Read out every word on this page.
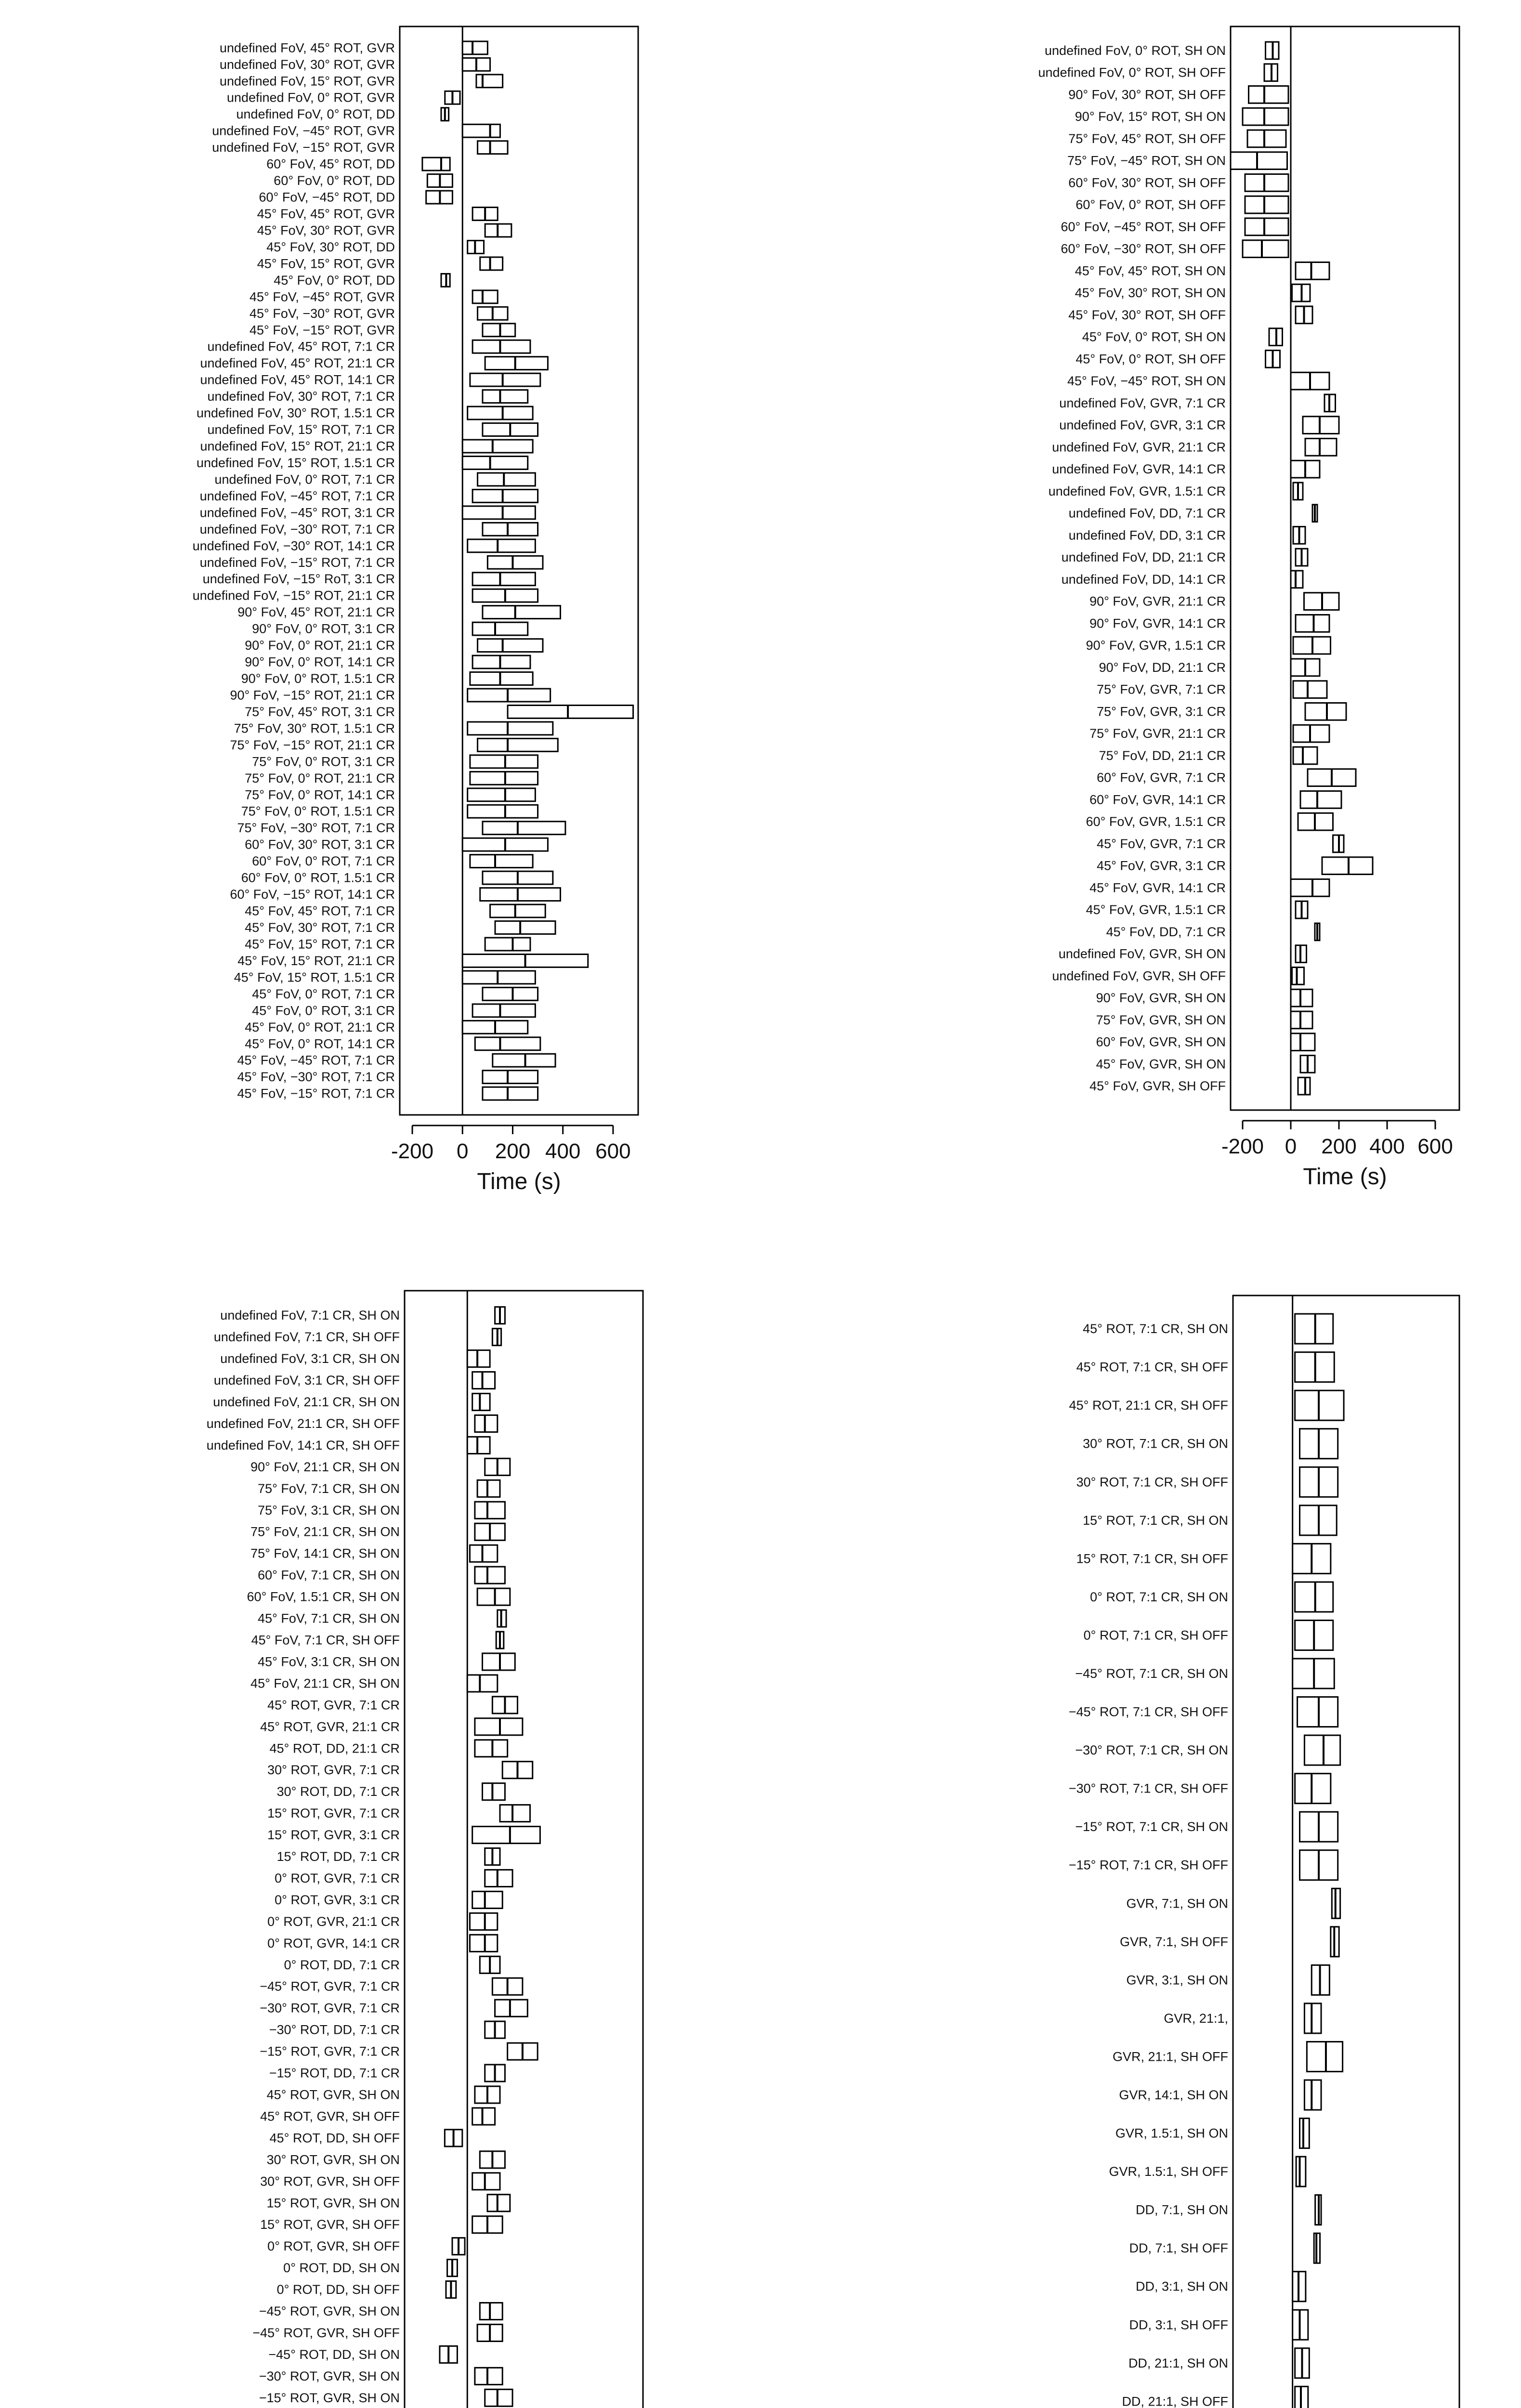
undefined FoV, 45° ROT, GVR
undefined FoV, 30° ROT, GVR
undefined FoV, 15° ROT, GVR
undefined FoV, 0° ROT, GVR
undefined FoV, 0° ROT, DD
undefined FoV, −45° ROT, GVR
undefined FoV, −15° ROT, GVR
60° FoV, 45° ROT, DD
60° FoV, 0° ROT, DD
60° FoV, −45° ROT, DD
45° FoV, 45° ROT, GVR
45° FoV, 30° ROT, GVR
45° FoV, 30° ROT, DD
45° FoV, 15° ROT, GVR
45° FoV, 0° ROT, DD
45° FoV, −45° ROT, GVR
45° FoV, −30° ROT, GVR
45° FoV, −15° ROT, GVR
undefined FoV, 45° ROT, 7:1 CR
undefined FoV, 45° ROT, 21:1 CR
undefined FoV, 45° ROT, 14:1 CR
undefined FoV, 30° ROT, 7:1 CR
undefined FoV, 30° ROT, 1.5:1 CR
undefined FoV, 15° ROT, 7:1 CR
undefined FoV, 15° ROT, 21:1 CR
undefined FoV, 15° ROT, 1.5:1 CR
undefined FoV, 0° ROT, 7:1 CR
undefined FoV, −45° ROT, 7:1 CR
undefined FoV, −45° ROT, 3:1 CR
undefined FoV, −30° ROT, 7:1 CR
undefined FoV, −30° ROT, 14:1 CR
undefined FoV, −15° ROT, 7:1 CR
undefined FoV, −15° RoT, 3:1 CR
undefined FoV, −15° ROT, 21:1 CR
90° FoV, 45° ROT, 21:1 CR
90° FoV, 0° ROT, 3:1 CR
90° FoV, 0° ROT, 21:1 CR
90° FoV, 0° ROT, 14:1 CR
90° FoV, 0° ROT, 1.5:1 CR
90° FoV, −15° ROT, 21:1 CR
75° FoV, 45° ROT, 3:1 CR
75° FoV, 30° ROT, 1.5:1 CR
75° FoV, −15° ROT, 21:1 CR
75° FoV, 0° ROT, 3:1 CR
75° FoV, 0° ROT, 21:1 CR
75° FoV, 0° ROT, 14:1 CR
75° FoV, 0° ROT, 1.5:1 CR
75° FoV, −30° ROT, 7:1 CR
60° FoV, 30° ROT, 3:1 CR
60° FoV, 0° ROT, 7:1 CR
60° FoV, 0° ROT, 1.5:1 CR
60° FoV, −15° ROT, 14:1 CR
45° FoV, 45° ROT, 7:1 CR
45° FoV, 30° ROT, 7:1 CR
45° FoV, 15° ROT, 7:1 CR
45° FoV, 15° ROT, 21:1 CR
45° FoV, 15° ROT, 1.5:1 CR
45° FoV, 0° ROT, 7:1 CR
45° FoV, 0° ROT, 3:1 CR
45° FoV, 0° ROT, 21:1 CR
45° FoV, 0° ROT, 14:1 CR
45° FoV, −45° ROT, 7:1 CR
45° FoV, −30° ROT, 7:1 CR
45° FoV, −15° ROT, 7:1 CR
-200 0 200 400 600
Time (s)
undefined FoV, 0° ROT, SH ON
undefined FoV, 0° ROT, SH OFF
90° FoV, 30° ROT, SH OFF
90° FoV, 15° ROT, SH ON
75° FoV, 45° ROT, SH OFF
75° FoV, −45° ROT, SH ON
60° FoV, 30° ROT, SH OFF
60° FoV, 0° ROT, SH OFF
60° FoV, −45° ROT, SH OFF
60° FoV, −30° ROT, SH OFF
45° FoV, 45° ROT, SH ON
45° FoV, 30° ROT, SH ON
45° FoV, 30° ROT, SH OFF
45° FoV, 0° ROT, SH ON
45° FoV, 0° ROT, SH OFF
45° FoV, −45° ROT, SH ON
undefined FoV, GVR, 7:1 CR
undefined FoV, GVR, 3:1 CR
undefined FoV, GVR, 21:1 CR
undefined FoV, GVR, 14:1 CR
undefined FoV, GVR, 1.5:1 CR
undefined FoV, DD, 7:1 CR
undefined FoV, DD, 3:1 CR
undefined FoV, DD, 21:1 CR
undefined FoV, DD, 14:1 CR
90° FoV, GVR, 21:1 CR
90° FoV, GVR, 14:1 CR
90° FoV, GVR, 1.5:1 CR
90° FoV, DD, 21:1 CR
75° FoV, GVR, 7:1 CR
75° FoV, GVR, 3:1 CR
75° FoV, GVR, 21:1 CR
75° FoV, DD, 21:1 CR
60° FoV, GVR, 7:1 CR
60° FoV, GVR, 14:1 CR
60° FoV, GVR, 1.5:1 CR
45° FoV, GVR, 7:1 CR
45° FoV, GVR, 3:1 CR
45° FoV, GVR, 14:1 CR
45° FoV, GVR, 1.5:1 CR
45° FoV, DD, 7:1 CR
undefined FoV, GVR, SH ON
undefined FoV, GVR, SH OFF
90° FoV, GVR, SH ON
75° FoV, GVR, SH ON
60° FoV, GVR, SH ON
45° FoV, GVR, SH ON
45° FoV, GVR, SH OFF
-200 0 200 400 600
Time (s)
undefined FoV, 7:1 CR, SH ON
undefined FoV, 7:1 CR, SH OFF
undefined FoV, 3:1 CR, SH ON
undefined FoV, 3:1 CR, SH OFF
undefined FoV, 21:1 CR, SH ON
undefined FoV, 21:1 CR, SH OFF
undefined FoV, 14:1 CR, SH OFF
90° FoV, 21:1 CR, SH ON
75° FoV, 7:1 CR, SH ON
75° FoV, 3:1 CR, SH ON
75° FoV, 21:1 CR, SH ON
75° FoV, 14:1 CR, SH ON
60° FoV, 7:1 CR, SH ON
60° FoV, 1.5:1 CR, SH ON
45° FoV, 7:1 CR, SH ON
45° FoV, 7:1 CR, SH OFF
45° FoV, 3:1 CR, SH ON
45° FoV, 21:1 CR, SH ON
45° ROT, GVR, 7:1 CR
45° ROT, GVR, 21:1 CR
45° ROT, DD, 21:1 CR
30° ROT, GVR, 7:1 CR
30° ROT, DD, 7:1 CR
15° ROT, GVR, 7:1 CR
15° ROT, GVR, 3:1 CR
15° ROT, DD, 7:1 CR
0° ROT, GVR, 7:1 CR
0° ROT, GVR, 3:1 CR
0° ROT, GVR, 21:1 CR
0° ROT, GVR, 14:1 CR
0° ROT, DD, 7:1 CR
−45° ROT, GVR, 7:1 CR
−30° ROT, GVR, 7:1 CR
−30° ROT, DD, 7:1 CR
−15° ROT, GVR, 7:1 CR
−15° ROT, DD, 7:1 CR
45° ROT, GVR, SH ON
45° ROT, GVR, SH OFF
45° ROT, DD, SH OFF
30° ROT, GVR, SH ON
30° ROT, GVR, SH OFF
15° ROT, GVR, SH ON
15° ROT, GVR, SH OFF
0° ROT, GVR, SH OFF
0° ROT, DD, SH ON
0° ROT, DD, SH OFF
−45° ROT, GVR, SH ON
−45° ROT, GVR, SH OFF
−45° ROT, DD, SH ON
−30° ROT, GVR, SH ON
−15° ROT, GVR, SH ON
45° ROT, 7:1 CR, SH ON
45° ROT, 7:1 CR, SH OFF
45° ROT, 21:1 CR, SH OFF
30° ROT, 7:1 CR, SH ON
30° ROT, 7:1 CR, SH OFF
15° ROT, 7:1 CR, SH ON
15° ROT, 7:1 CR, SH OFF
0° ROT, 7:1 CR, SH ON
0° ROT, 7:1 CR, SH OFF
−45° ROT, 7:1 CR, SH ON
−45° ROT, 7:1 CR, SH OFF
−30° ROT, 7:1 CR, SH ON
−30° ROT, 7:1 CR, SH OFF
−15° ROT, 7:1 CR, SH ON
−15° ROT, 7:1 CR, SH OFF
GVR, 7:1, SH ON
GVR, 7:1, SH OFF
GVR, 3:1, SH ON
GVR, 21:1,
GVR, 21:1, SH OFF
GVR, 14:1, SH ON
GVR, 1.5:1, SH ON
GVR, 1.5:1, SH OFF
DD, 7:1, SH ON
DD, 7:1, SH OFF
DD, 3:1, SH ON
DD, 3:1, SH OFF
DD, 21:1, SH ON
DD, 21:1, SH OFF
